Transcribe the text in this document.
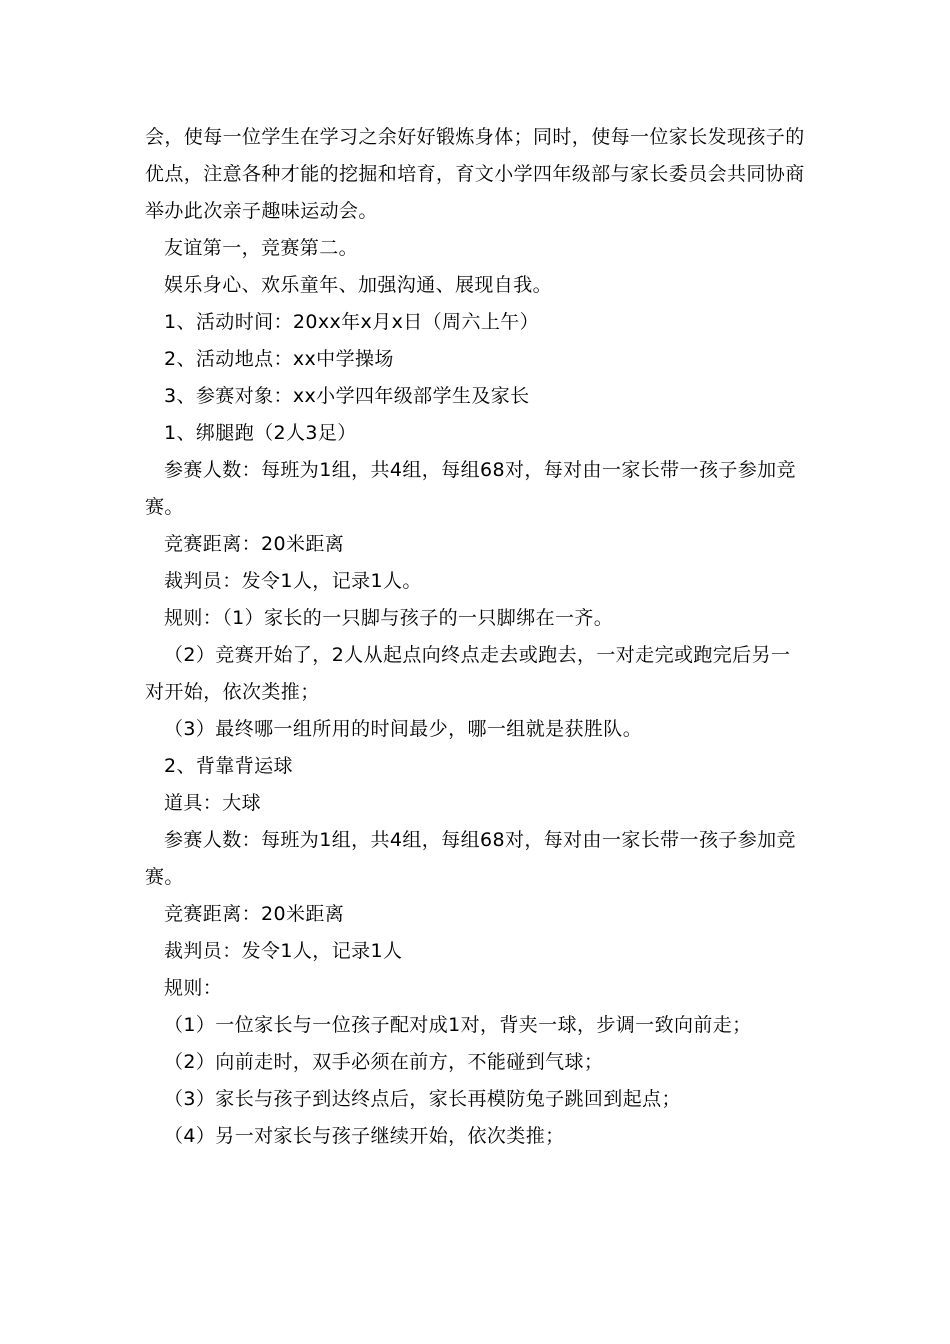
会，使每一位学生在学习之余好好锻炼身体；同时，使每一位家长发现孩子的优点，注意各种才能的挖掘和培育，育文小学四年级部与家长委员会共同协商举办此次亲子趣味运动会。

友谊第一，竞赛第二。

娱乐身心、欢乐童年、加强沟通、展现自我。

1、活动时间：20xx年x月x日（周六上午）

2、活动地点：xx中学操场

3、参赛对象：xx小学四年级部学生及家长

1、绑腿跑（2人3足）

参赛人数：每班为1组，共4组，每组68对，每对由一家长带一孩子参加竞赛。

竞赛距离：20米距离

裁判员：发令1人，记录1人。

规则：（1）家长的一只脚与孩子的一只脚绑在一齐。

（2）竞赛开始了，2人从起点向终点走去或跑去，一对走完或跑完后另一对开始，依次类推；

（3）最终哪一组所用的时间最少，哪一组就是获胜队。

2、背靠背运球

道具：大球

参赛人数：每班为1组，共4组，每组68对，每对由一家长带一孩子参加竞赛。

竞赛距离：20米距离

裁判员：发令1人，记录1人

规则：

（1）一位家长与一位孩子配对成1对，背夹一球，步调一致向前走；

（2）向前走时，双手必须在前方，不能碰到气球；

（3）家长与孩子到达终点后，家长再模防兔子跳回到起点；

（4）另一对家长与孩子继续开始，依次类推；
